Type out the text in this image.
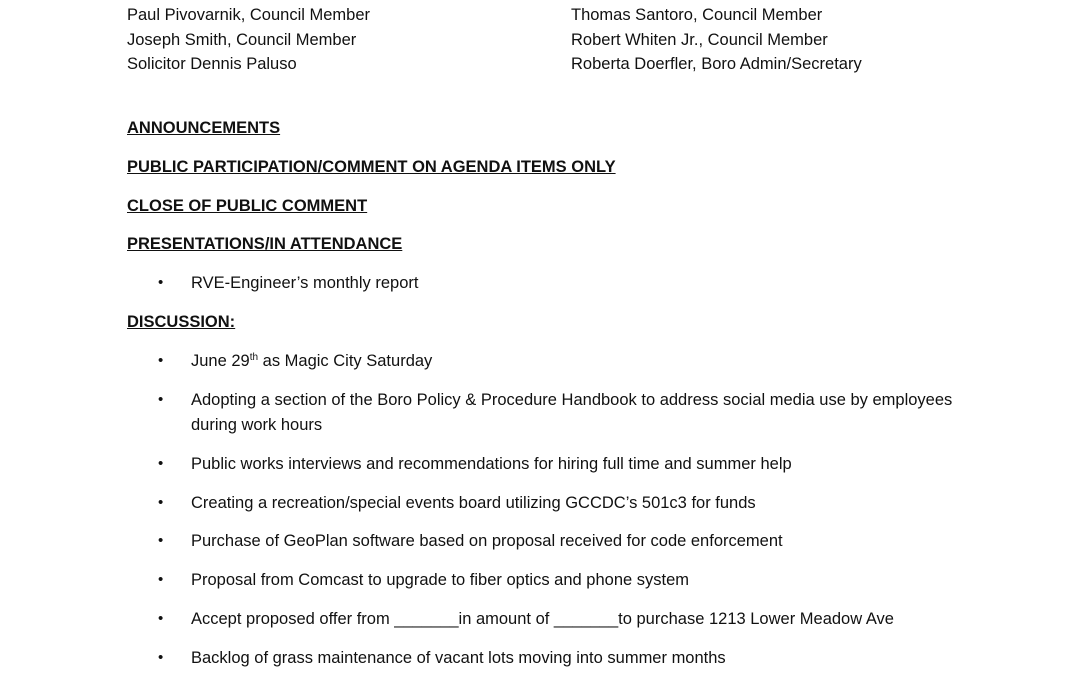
Paul Pivovarnik, Council Member	Thomas Santoro, Council Member
Joseph Smith, Council Member	Robert Whiten Jr., Council Member
Solicitor Dennis Paluso	Roberta Doerfler, Boro Admin/Secretary
ANNOUNCEMENTS
PUBLIC PARTICIPATION/COMMENT ON AGENDA ITEMS ONLY
CLOSE OF PUBLIC COMMENT
PRESENTATIONS/IN ATTENDANCE
• RVE-Engineer’s monthly report
DISCUSSION:
• June 29th as Magic City Saturday
• Adopting a section of the Boro Policy & Procedure Handbook to address social media use by employees during work hours
• Public works interviews and recommendations for hiring full time and summer help
• Creating a recreation/special events board utilizing GCCDC’s 501c3 for funds
• Purchase of GeoPlan software based on proposal received for code enforcement
• Proposal from Comcast to upgrade to fiber optics and phone system
• Accept proposed offer from _______in amount of _______to purchase 1213 Lower Meadow Ave
• Backlog of grass maintenance of vacant lots moving into summer months
